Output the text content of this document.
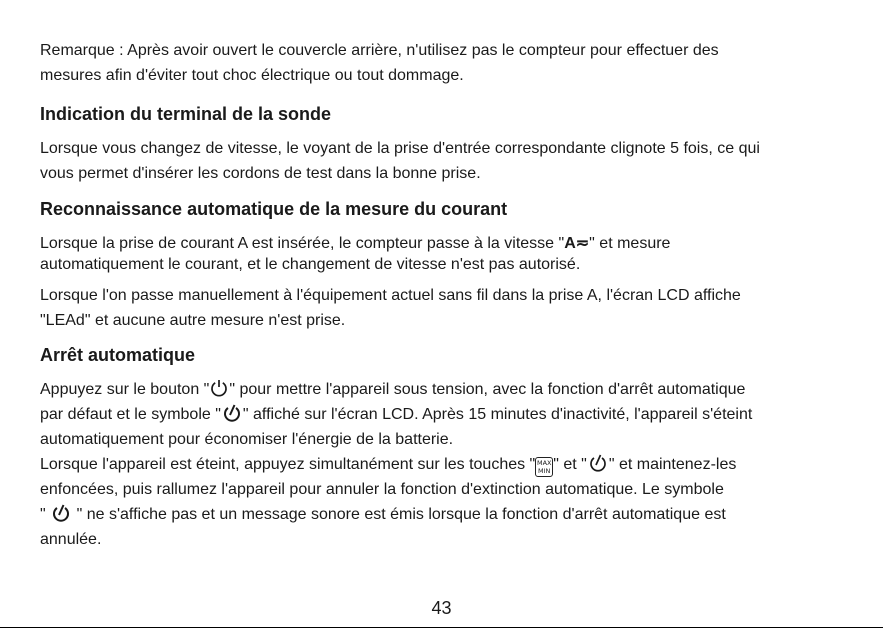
Remarque : Après avoir ouvert le couvercle arrière, n'utilisez pas le compteur pour effectuer des

mesures afin d'éviter tout choc électrique ou tout dommage.

Indication du terminal de la sonde

Lorsque vous changez de vitesse, le voyant de la prise d'entrée correspondante clignote 5 fois, ce qui

vous permet d'insérer les cordons de test dans la bonne prise.

Reconnaissance automatique de la mesure du courant

Lorsque la prise de courant A est insérée, le compteur passe à la vitesse "A≂" et mesure

automatiquement le courant, et le changement de vitesse n'est pas autorisé.

Lorsque l'on passe manuellement à l'équipement actuel sans fil dans la prise A, l'écran LCD affiche

"LEAd" et aucune autre mesure n'est prise.

Arrêt automatique

Appuyez sur le bouton " " pour mettre l'appareil sous tension, avec la fonction d'arrêt automatique

par défaut et le symbole " " affiché sur l'écran LCD. Après 15 minutes d'inactivité, l'appareil s'éteint

automatiquement pour économiser l'énergie de la batterie.

Lorsque l'appareil est éteint, appuyez simultanément sur les touches " MAX
MIN " et " " et maintenez-les

enfoncées, puis rallumez l'appareil pour annuler la fonction d'extinction automatique. Le symbole

" " ne s'affiche pas et un message sonore est émis lorsque la fonction d'arrêt automatique est

annulée.

43
